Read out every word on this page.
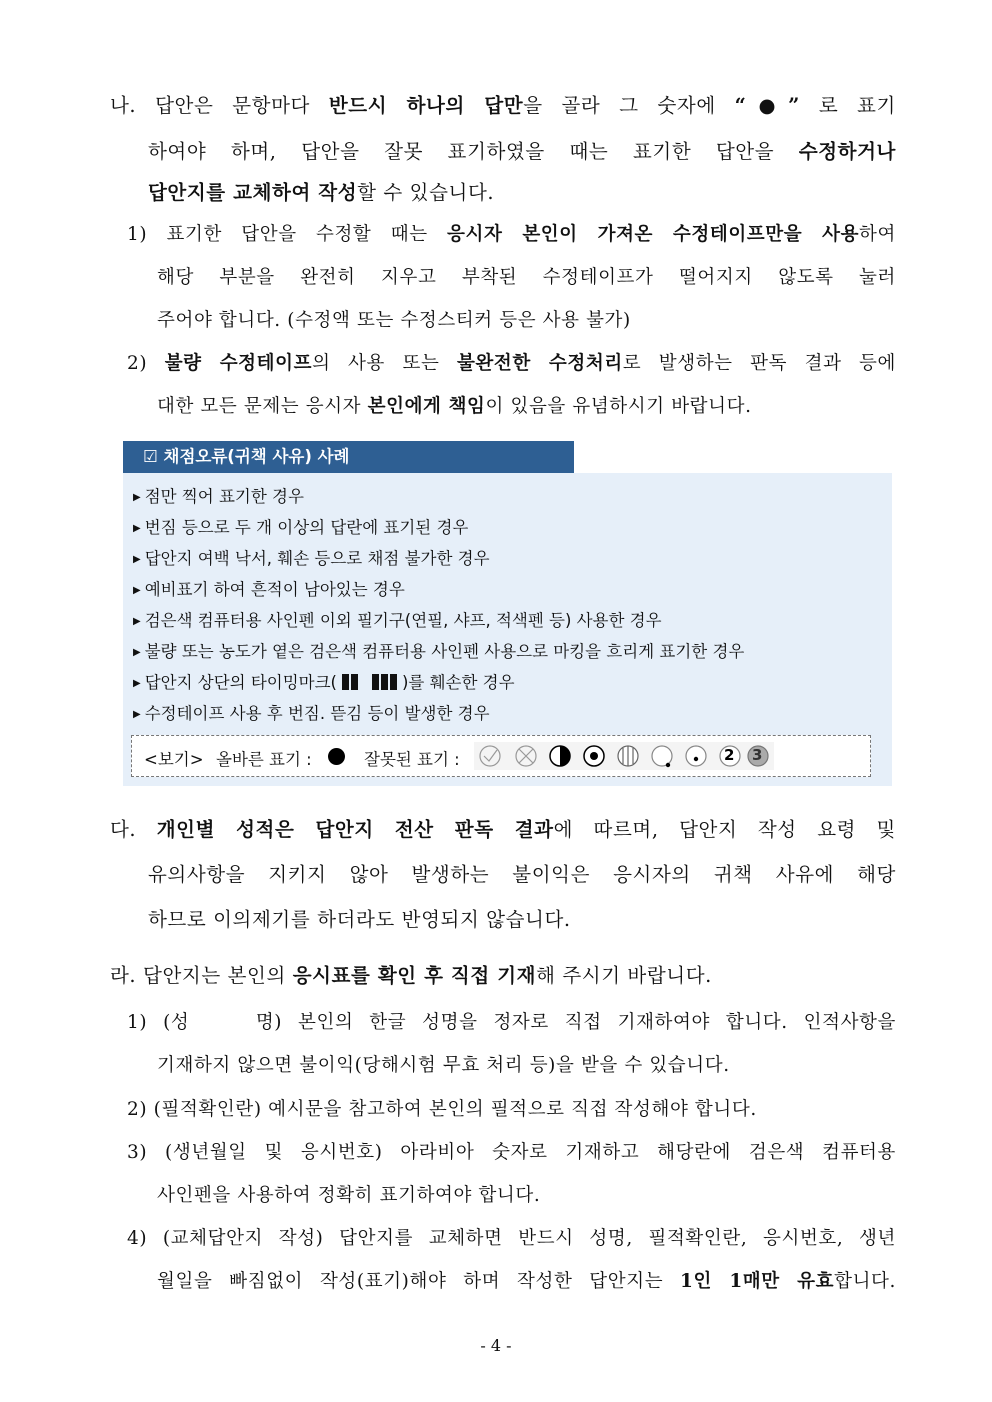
나. 답안은 문항마다 반드시 하나의 답만을 골라 그 숫자에 “●” 로 표기
하여야 하며, 답안을 잘못 표기하였을 때는 표기한 답안을 수정하거나
답안지를 교체하여 작성할 수 있습니다.
1) 표기한 답안을 수정할 때는 응시자 본인이 가져온 수정테이프만을 사용하여
해당 부분을 완전히 지우고 부착된 수정테이프가 떨어지지 않도록 눌러
주어야 합니다. (수정액 또는 수정스티커 등은 사용 불가)
2) 불량 수정테이프의 사용 또는 불완전한 수정처리로 발생하는 판독 결과 등에
대한 모든 문제는 응시자 본인에게 책임이 있음을 유념하시기 바랍니다.
☑ 채점오류(귀책 사유) 사례
▶ 점만 찍어 표기한 경우
▶ 번짐 등으로 두 개 이상의 답란에 표기된 경우
▶ 답안지 여백 낙서, 훼손 등으로 채점 불가한 경우
▶ 예비표기 하여 흔적이 남아있는 경우
▶ 검은색 컴퓨터용 사인펜 이외 필기구(연필, 샤프, 적색펜 등) 사용한 경우
▶ 불량 또는 농도가 옅은 검은색 컴퓨터용 사인펜 사용으로 마킹을 흐리게 표기한 경우
▶ 답안지 상단의 타이밍마크(	)를 훼손한 경우
▶ 수정테이프 사용 후 번짐. 뜯김 등이 발생한 경우
<보기> 올바른 표기 :	잘못된 표기 :	2 3
다. 개인별 성적은 답안지 전산 판독 결과에 따르며, 답안지 작성 요령 및
유의사항을 지키지 않아 발생하는 불이익은 응시자의 귀책 사유에 해당
하므로 이의제기를 하더라도 반영되지 않습니다.
라. 답안지는 본인의 응시표를 확인 후 직접 기재해 주시기 바랍니다.
1) (성　　명) 본인의 한글 성명을 정자로 직접 기재하여야 합니다. 인적사항을
기재하지 않으면 불이익(당해시험 무효 처리 등)을 받을 수 있습니다.
2) (필적확인란) 예시문을 참고하여 본인의 필적으로 직접 작성해야 합니다.
3) (생년월일 및 응시번호) 아라비아 숫자로 기재하고 해당란에 검은색 컴퓨터용
사인펜을 사용하여 정확히 표기하여야 합니다.
4) (교체답안지 작성) 답안지를 교체하면 반드시 성명, 필적확인란, 응시번호, 생년
월일을 빠짐없이 작성(표기)해야 하며 작성한 답안지는 1인 1매만 유효합니다.
- 4 -
